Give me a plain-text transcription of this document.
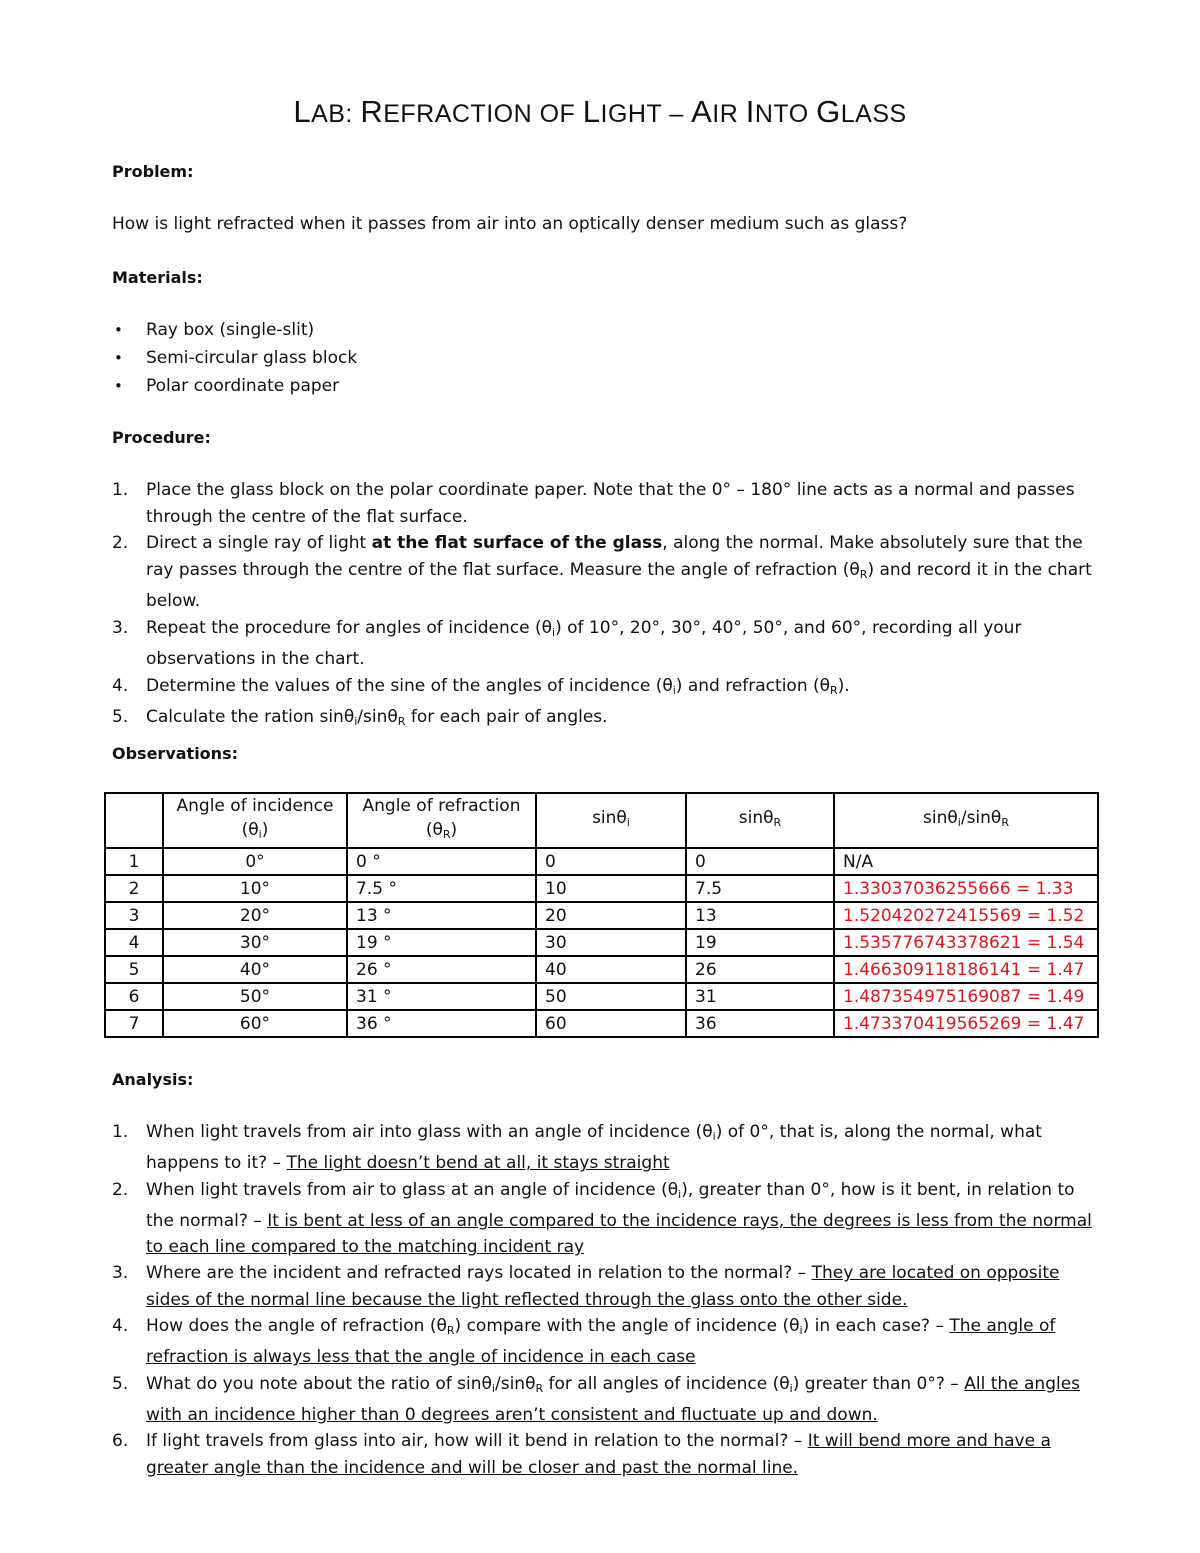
LAB: REFRACTION OF LIGHT – AIR INTO GLASS
Problem:
How is light refracted when it passes from air into an optically denser medium such as glass?
Materials:
• Ray box (single-slit)
• Semi-circular glass block
• Polar coordinate paper
Procedure:
1. Place the glass block on the polar coordinate paper. Note that the 0° – 180° line acts as a normal and passes through the centre of the flat surface.
2. Direct a single ray of light at the flat surface of the glass, along the normal. Make absolutely sure that the ray passes through the centre of the flat surface. Measure the angle of refraction $(\theta_R)$ and record it in the chart below.
3. Repeat the procedure for angles of incidence $(\theta_i)$ of 10°, 20°, 30°, 40°, 50°, and 60°, recording all your observations in the chart.
4. Determine the values of the sine of the angles of incidence $(\theta_i)$ and refraction $(\theta_R)$.
5. Calculate the ration sinθ$_i$/sinθ$_R$ for each pair of angles.
Observations:
	Angle of incidence
$(\theta_i)$	Angle of refraction
$(\theta_R)$	sinθ$_i$	sinθ$_R$	sinθ$_i$/sinθ$_R$
1	0°	0 °	0	0	N/A
2	10°	7.5 °	10	7.5	1.33037036255666 = 1.33
3	20°	13 °	20	13	1.520420272415569 = 1.52
4	30°	19 °	30	19	1.535776743378621 = 1.54
5	40°	26 °	40	26	1.466309118186141 = 1.47
6	50°	31 °	50	31	1.487354975169087 = 1.49
7	60°	36 °	60	36	1.473370419565269 = 1.47
Analysis:
1. When light travels from air into glass with an angle of incidence $(\theta_i)$ of 0°, that is, along the normal, what happens to it? – The light doesn’t bend at all, it stays straight
2. When light travels from air to glass at an angle of incidence $(\theta_i)$, greater than 0°, how is it bent, in relation to the normal? – It is bent at less of an angle compared to the incidence rays, the degrees is less from the normal to each line compared to the matching incident ray
3. Where are the incident and refracted rays located in relation to the normal? – They are located on opposite sides of the normal line because the light reflected through the glass onto the other side.
4. How does the angle of refraction $(\theta_R)$ compare with the angle of incidence $(\theta_i)$ in each case? – The angle of refraction is always less that the angle of incidence in each case
5. What do you note about the ratio of sinθ$_i$/sinθ$_R$ for all angles of incidence $(\theta_i)$ greater than 0°? – All the angles with an incidence higher than 0 degrees aren’t consistent and fluctuate up and down.
6. If light travels from glass into air, how will it bend in relation to the normal? – It will bend more and have a greater angle than the incidence and will be closer and past the normal line.
